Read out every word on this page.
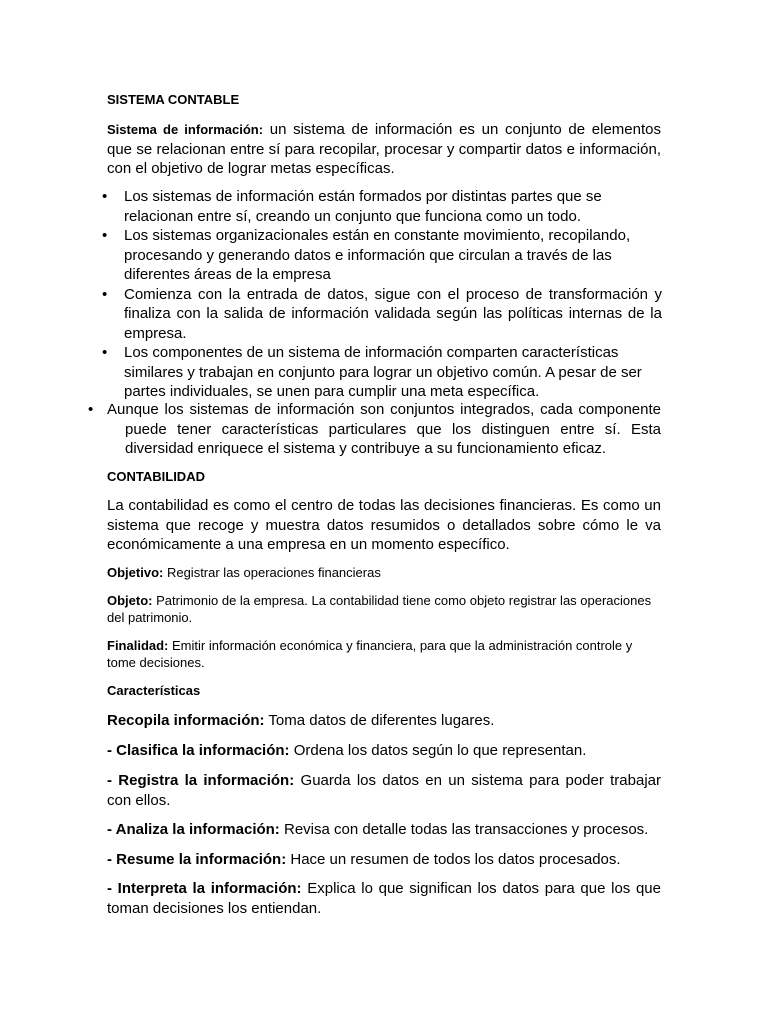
SISTEMA CONTABLE
Sistema de información: un sistema de información es un conjunto de elementos que se relacionan entre sí para recopilar, procesar y compartir datos e información, con el objetivo de lograr metas específicas.
• Los sistemas de información están formados por distintas partes que se relacionan entre sí, creando un conjunto que funciona como un todo.
• Los sistemas organizacionales están en constante movimiento, recopilando, procesando y generando datos e información que circulan a través de las diferentes áreas de la empresa
• Comienza con la entrada de datos, sigue con el proceso de transformación y finaliza con la salida de información validada según las políticas internas de la empresa.
• Los componentes de un sistema de información comparten características similares y trabajan en conjunto para lograr un objetivo común. A pesar de ser partes individuales, se unen para cumplir una meta específica.
• Aunque los sistemas de información son conjuntos integrados, cada componente puede tener características particulares que los distinguen entre sí. Esta diversidad enriquece el sistema y contribuye a su funcionamiento eficaz.
CONTABILIDAD
La contabilidad es como el centro de todas las decisiones financieras. Es como un sistema que recoge y muestra datos resumidos o detallados sobre cómo le va económicamente a una empresa en un momento específico.
Objetivo: Registrar las operaciones financieras
Objeto: Patrimonio de la empresa. La contabilidad tiene como objeto registrar las operaciones del patrimonio.
Finalidad: Emitir información económica y financiera, para que la administración controle y tome decisiones.
Características
Recopila información: Toma datos de diferentes lugares.
- Clasifica la información: Ordena los datos según lo que representan.
- Registra la información: Guarda los datos en un sistema para poder trabajar con ellos.
- Analiza la información: Revisa con detalle todas las transacciones y procesos.
- Resume la información: Hace un resumen de todos los datos procesados.
- Interpreta la información: Explica lo que significan los datos para que los que toman decisiones los entiendan.
